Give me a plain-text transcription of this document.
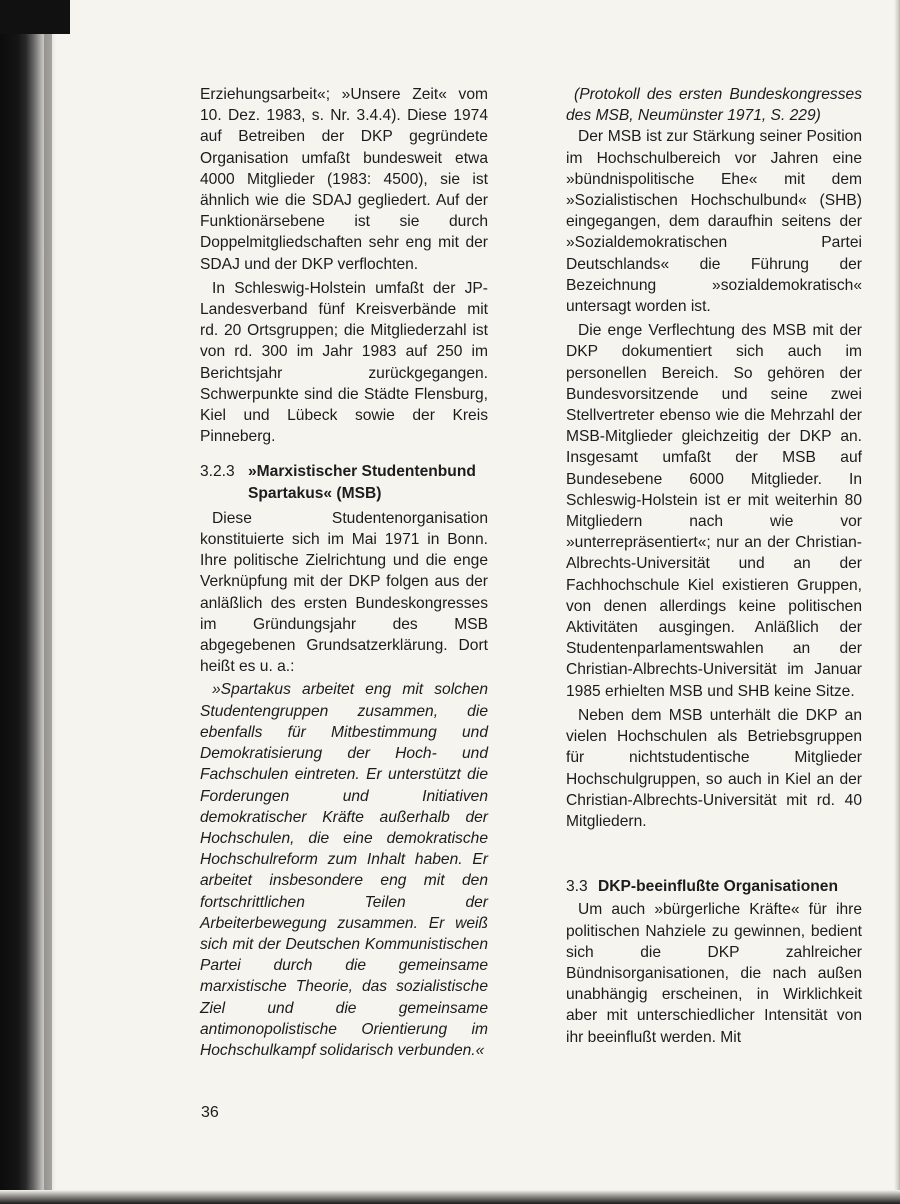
Erziehungsarbeit«; »Unsere Zeit« vom 10. Dez. 1983, s. Nr. 3.4.4). Diese 1974 auf Betreiben der DKP gegründete Organisation umfaßt bundesweit etwa 4000 Mitglieder (1983: 4500), sie ist ähnlich wie die SDAJ gegliedert. Auf der Funktionärsebene ist sie durch Doppelmitgliedschaften sehr eng mit der SDAJ und der DKP verflochten.

In Schleswig-Holstein umfaßt der JP-Landesverband fünf Kreisverbände mit rd. 20 Ortsgruppen; die Mitgliederzahl ist von rd. 300 im Jahr 1983 auf 250 im Berichtsjahr zurückgegangen. Schwerpunkte sind die Städte Flensburg, Kiel und Lübeck sowie der Kreis Pinneberg.

3.2.3 »Marxistischer Studentenbund Spartakus« (MSB)

Diese Studentenorganisation konstituierte sich im Mai 1971 in Bonn. Ihre politische Zielrichtung und die enge Verknüpfung mit der DKP folgen aus der anläßlich des ersten Bundeskongresses im Gründungsjahr des MSB abgegebenen Grundsatzerklärung. Dort heißt es u. a.:

»Spartakus arbeitet eng mit solchen Studentengruppen zusammen, die ebenfalls für Mitbestimmung und Demokratisierung der Hoch- und Fachschulen eintreten. Er unterstützt die Forderungen und Initiativen demokratischer Kräfte außerhalb der Hochschulen, die eine demokratische Hochschulreform zum Inhalt haben. Er arbeitet insbesondere eng mit den fortschrittlichen Teilen der Arbeiterbewegung zusammen. Er weiß sich mit der Deutschen Kommunistischen Partei durch die gemeinsame marxistische Theorie, das sozialistische Ziel und die gemeinsame antimonopolistische Orientierung im Hochschulkampf solidarisch verbunden.«

(Protokoll des ersten Bundeskongresses des MSB, Neumünster 1971, S. 229)

Der MSB ist zur Stärkung seiner Position im Hochschulbereich vor Jahren eine »bündnispolitische Ehe« mit dem »Sozialistischen Hochschulbund« (SHB) eingegangen, dem daraufhin seitens der »Sozialdemokratischen Partei Deutschlands« die Führung der Bezeichnung »sozialdemokratisch« untersagt worden ist.

Die enge Verflechtung des MSB mit der DKP dokumentiert sich auch im personellen Bereich. So gehören der Bundesvorsitzende und seine zwei Stellvertreter ebenso wie die Mehrzahl der MSB-Mitglieder gleichzeitig der DKP an. Insgesamt umfaßt der MSB auf Bundesebene 6000 Mitglieder. In Schleswig-Holstein ist er mit weiterhin 80 Mitgliedern nach wie vor »unterrepräsentiert«; nur an der Christian-Albrechts-Universität und an der Fachhochschule Kiel existieren Gruppen, von denen allerdings keine politischen Aktivitäten ausgingen. Anläßlich der Studentenparlamentswahlen an der Christian-Albrechts-Universität im Januar 1985 erhielten MSB und SHB keine Sitze.

Neben dem MSB unterhält die DKP an vielen Hochschulen als Betriebsgruppen für nichtstudentische Mitglieder Hochschulgruppen, so auch in Kiel an der Christian-Albrechts-Universität mit rd. 40 Mitgliedern.

3.3 DKP-beeinflußte Organisationen

Um auch »bürgerliche Kräfte« für ihre politischen Nahziele zu gewinnen, bedient sich die DKP zahlreicher Bündnisorganisationen, die nach außen unabhängig erscheinen, in Wirklichkeit aber mit unterschiedlicher Intensität von ihr beeinflußt werden. Mit

36
